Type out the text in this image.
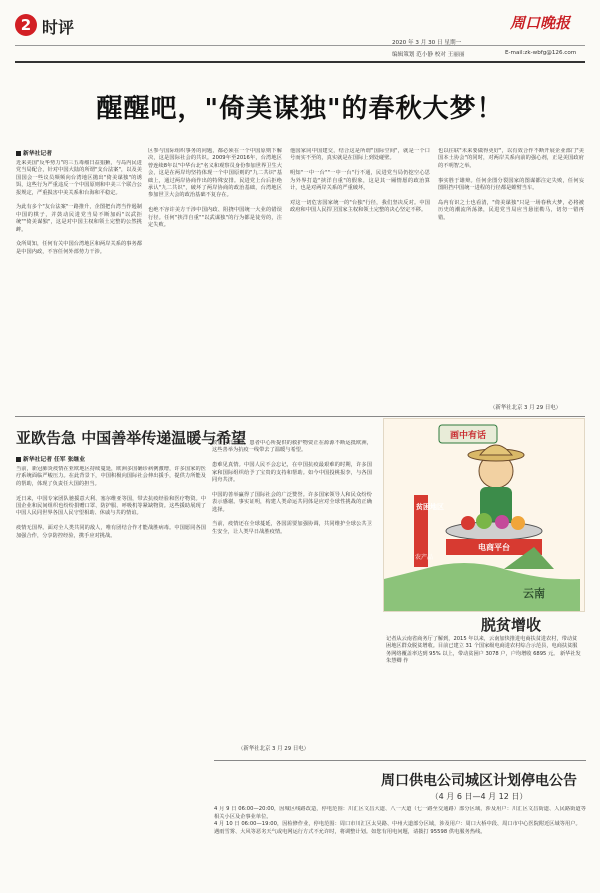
2 时评	周口晚报
2020 年 3 月 30 日 星期一
编辑策划 范小静 校对 王丽丽	E-mail:zk-wbfg@126.com
醒醒吧，"倚美谋独"的春秋大梦！
新华社记者
近来美国"反华势力"的三五毒瘤日益猖獗，与岛内民进党当局配合，针对中国大陆的所谓"支台法案"，以及美国国会一些议员频频向台湾地区抛出"倚美谋独"的诱饵，这些行为严重违反一个中国原则和中美三个联合公报规定，严重损害中美关系和台海和平稳定。

为此有多个"友台法案"一路推升，企图把台湾当作遏制中国的棋子，并鼓动民进党当局不断加码"以武拒统""倚美谋独"，这是对中国主权和领土完整的公然挑衅。

众所周知，任何有关中国台湾地区和两岸关系的事务都是中国内政，不容任何外部势力干涉。
区参与国际组织事务的问题，都必须在一个中国原则下解决，这是国际社会的共识。2009年至2016年，台湾地区曾连续8年以"中华台北"名义和观察员身份参加世界卫生大会，这是在两岸均坚持体现一个中国原则的"九二共识"基础上，通过两岸协商作出的特殊安排。民进党上台后拒绝承认"九二共识"，破坏了两岸协商的政治基础，台湾地区参加世卫大会的政治基础不复存在。

也绝不容许美方干涉中国内政、阻挠中国统一大业的错误行径。任何"挟洋自重""以武谋独"的行为都是徒劳的，注定失败。
他国家同中国建交，结合这是所谓"国际空间"，就是一个口号而实不至的，真实就是在国际上到处碰壁。

明知"一中一台""一中一台"行不通，民进党当局仍挖空心思为外界打造"挟洋自重"的假象，这是其一厢情愿的政治算计，也是对两岸关系的严重破坏。

对这一切危害国家统一的"台独"行径，我们坚决反对。中国政府和中国人民捍卫国家主权和领土完整的决心坚定不移。
也以往联"未来要做得更好"，以有效合作不断开展企业部门"美国本土协会"的同时，对两岸关系向前的强心剂，正是美国政府的不明智之举。

事实胜于雄辩。任何企图分裂国家的图谋都注定失败，任何妄图阻挡中国统一进程的行径都是螳臂当车。

岛内有识之士也看清，"倚美谋独"只是一场春秋大梦，必将被历史的潮流所荡涤，民进党当局应当悬崖勒马，切勿一错再错。
（新华社北京 3 月 29 日电）
亚欧告急 中国善举传递温暖与希望
新华社记者 任军 张继业
当前，新冠肺炎疫情在亚欧地区持续蔓延，欧洲多国确诊病例激增，许多国家的医疗系统面临严峻压力。在此背景下，中国积极向国际社会伸出援手，提供力所能及的帮助，体现了负责任大国的担当。

近日来，中国专家团队驰援意大利、塞尔维亚等国，带去抗疫经验和医疗物资。中国企业和民间组织也纷纷捐赠口罩、防护服、呼吸机等紧缺物资。这些援助展现了中国人民同世界各国人民守望相助、休戚与共的情谊。

疫情无国界。面对全人类共同的敌人，唯有团结合作才能战胜病毒。中国愿同各国加强合作，分享防控经验，携手应对挑战。
数量与日俱增，患者中心所提供的救护物资正在源源不断运抵欧洲，这些善举为抗疫一线带去了温暖与希望。

患难见真情。中国人民不会忘记，在中国抗疫最艰难的时期，许多国家和国际组织给予了宝贵的支持和帮助。如今中国投桃报李，与各国同舟共济。

中国的善举赢得了国际社会的广泛赞誉。许多国家领导人和民众纷纷表示感谢。事实证明，构建人类命运共同体是应对全球性挑战的正确选择。

当前，疫情还在全球蔓延，各国需要加强协调，共同维护全球公共卫生安全，让人类早日战胜疫情。
（新华社北京 3 月 29 日电）
画中有话
贫困地区
农产品
电商平台
云南
脱贫增收
记者从云南省商务厅了解到，2015 年以来，云南加快推进电商扶贫进农村，带动贫困地区群众脱贫增收。目前已建立 31 个国家级电商进农村综合示范县，电商扶贫服务网络覆盖率达到 95% 以上，带动贫困户 3078 户，户均增收 6895 元。 新华社发 朱慧卿 作
周口供电公司城区计划停电公告
（4 月 6 日—4 月 12 日）
4 月 9 日 06:00—20:00，因城区线路改造，停电范围：川汇区文昌大道、八一大道（七一路至交通路）部分区域，涉及用户：川汇区文昌街道、人民路街道等相关小区及企事业单位。
4 月 10 日 06:00—19:00，因检修作业，停电范围：周口市川汇区太昊路、中州大道部分区域，涉及用户：周口大桥中段、周口市中心医院附近区域等用户。
遇雨雪雾、大风等恶劣天气或电网运行方式不允许时，将调整计划。如您有用电问题，请拨打 95598 供电服务热线。
